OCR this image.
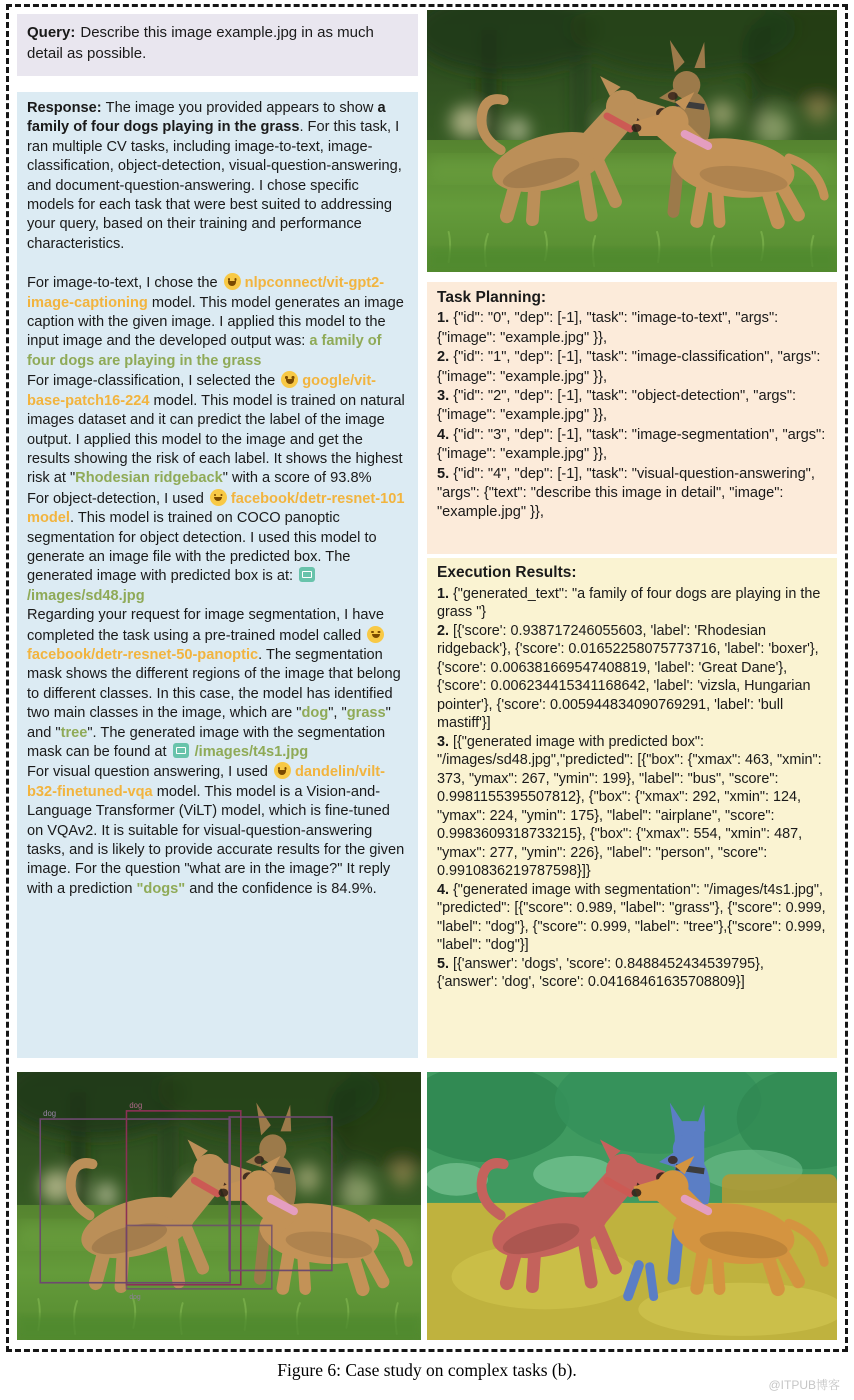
Query: Describe this image example.jpg in as much detail as possible.

Response: The image you provided appears to show a family of four dogs playing in the grass. For this task, I ran multiple CV tasks, including image-to-text, image-classification, object-detection, visual-question-answering, and document-question-answering. I chose specific models for each task that were best suited to addressing your query, based on their training and performance characteristics.

For image-to-text, I chose the nlpconnect/vit-gpt2-image-captioning model. This model generates an image caption with the given image. I applied this model to the input image and the developed output was: a family of four dogs are playing in the grass

For image-classification, I selected the google/vit-base-patch16-224 model. This model is trained on natural images dataset and it can predict the label of the image output. I applied this model to the image and get the results showing the risk of each label. It shows the highest risk at "Rhodesian ridgeback" with a score of 93.8%

For object-detection, I used facebook/detr-resnet-101 model. This model is trained on COCO panoptic segmentation for object detection. I used this model to generate an image file with the predicted box. The generated image with predicted box is at: /images/sd48.jpg

Regarding your request for image segmentation, I have completed the task using a pre-trained model called facebook/detr-resnet-50-panoptic. The segmentation mask shows the different regions of the image that belong to different classes. In this case, the model has identified two main classes in the image, which are "dog", "grass" and "tree". The generated image with the segmentation mask can be found at /images/t4s1.jpg

For visual question answering, I used dandelin/vilt-b32-finetuned-vqa model. This model is a Vision-and-Language Transformer (ViLT) model, which is fine-tuned on VQAv2. It is suitable for visual-question-answering tasks, and is likely to provide accurate results for the given image. For the question "what are in the image?" It reply with a prediction "dogs" and the confidence is 84.9%.

Task Planning:
1. {"id": "0", "dep": [-1], "task": "image-to-text", "args": {"image": "example.jpg" }},
2. {"id": "1", "dep": [-1], "task": "image-classification", "args": {"image": "example.jpg" }},
3. {"id": "2", "dep": [-1], "task": "object-detection", "args": {"image": "example.jpg" }},
4. {"id": "3", "dep": [-1], "task": "image-segmentation", "args": {"image": "example.jpg" }},
5. {"id": "4", "dep": [-1], "task": "visual-question-answering", "args": {"text": "describe this image in detail", "image": "example.jpg" }},
Execution Results:
1. {"generated_text": "a family of four dogs are playing in the grass "}
2. [{'score': 0.938717246055603, 'label': 'Rhodesian ridgeback'}, {'score': 0.01652258075773716, 'label': 'boxer'}, {'score': 0.006381669547408819, 'label': 'Great Dane'}, {'score': 0.006234415341168642, 'label': 'vizsla, Hungarian pointer'}, {'score': 0.005944834090769291, 'label': 'bull mastiff'}]
3. [{"generated image with predicted box": "/images/sd48.jpg","predicted": [{"box": {"xmax": 463, "xmin": 373, "ymax": 267, "ymin": 199}, "label": "bus", "score": 0.9981155395507812}, {"box": {"xmax": 292, "xmin": 124, "ymax": 224, "ymin": 175}, "label": "airplane", "score": 0.9983609318733215}, {"box": {"xmax": 554, "xmin": 487, "ymax": 277, "ymin": 226}, "label": "person", "score": 0.9910836219787598}]}
4. {"generated image with segmentation": "/images/t4s1.jpg", "predicted": [{"score": 0.989, "label": "grass"}, {"score": 0.999, "label": "dog"}, {"score": 0.999, "label": "tree"},{"score": 0.999, "label": "dog"}]
5. [{'answer': 'dogs', 'score': 0.8488452434539795}, {'answer': 'dog', 'score': 0.04168461635708809}]
dog
dog
dog
Figure 6: Case study on complex tasks (b).
@ITPUB博客
